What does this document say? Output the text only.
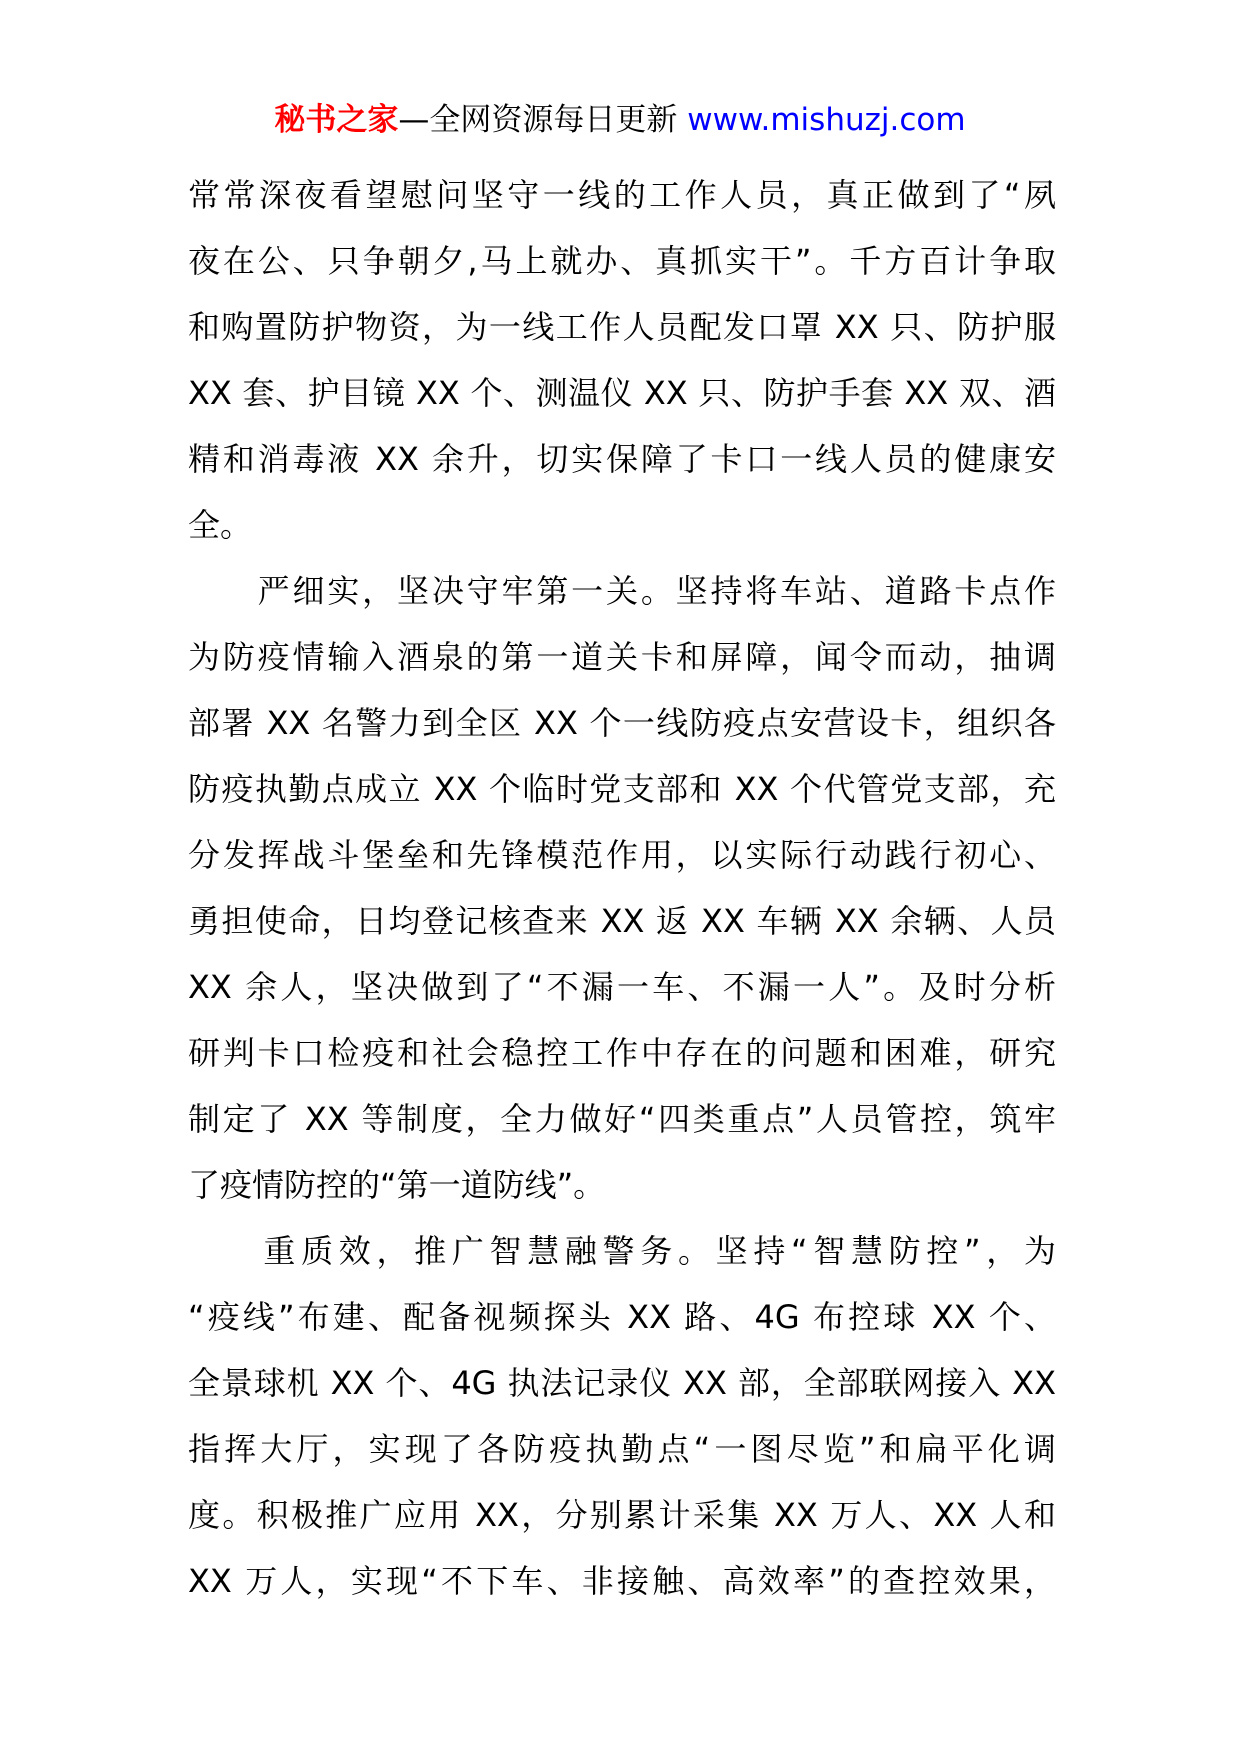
秘书之家—全网资源每日更新 www.mishuzj.com
常常深夜看望慰问坚守一线的工作人员，真正做到了“夙
夜在公、只争朝夕,马上就办、真抓实干”。千方百计争取
和购置防护物资，为一线工作人员配发口罩 XX 只、防护服
XX 套、护目镜 XX 个、测温仪 XX 只、防护手套 XX 双、酒
精和消毒液 XX 余升，切实保障了卡口一线人员的健康安
全。
　　严细实，坚决守牢第一关。坚持将车站、道路卡点作
为防疫情输入酒泉的第一道关卡和屏障，闻令而动，抽调
部署 XX 名警力到全区 XX 个一线防疫点安营设卡，组织各
防疫执勤点成立 XX 个临时党支部和 XX 个代管党支部，充
分发挥战斗堡垒和先锋模范作用，以实际行动践行初心、
勇担使命，日均登记核查来 XX 返 XX 车辆 XX 余辆、人员
XX 余人，坚决做到了“不漏一车、不漏一人”。及时分析
研判卡口检疫和社会稳控工作中存在的问题和困难，研究
制定了 XX 等制度，全力做好“四类重点”人员管控，筑牢
了疫情防控的“第一道防线”。
　　重质效，推广智慧融警务。坚持“智慧防控”，为
“疫线”布建、配备视频探头 XX 路、4G 布控球 XX 个、
全景球机 XX 个、4G 执法记录仪 XX 部，全部联网接入 XX
指挥大厅，实现了各防疫执勤点“一图尽览”和扁平化调
度。积极推广应用 XX，分别累计采集 XX 万人、XX 人和
XX 万人，实现“不下车、非接触、高效率”的查控效果，
